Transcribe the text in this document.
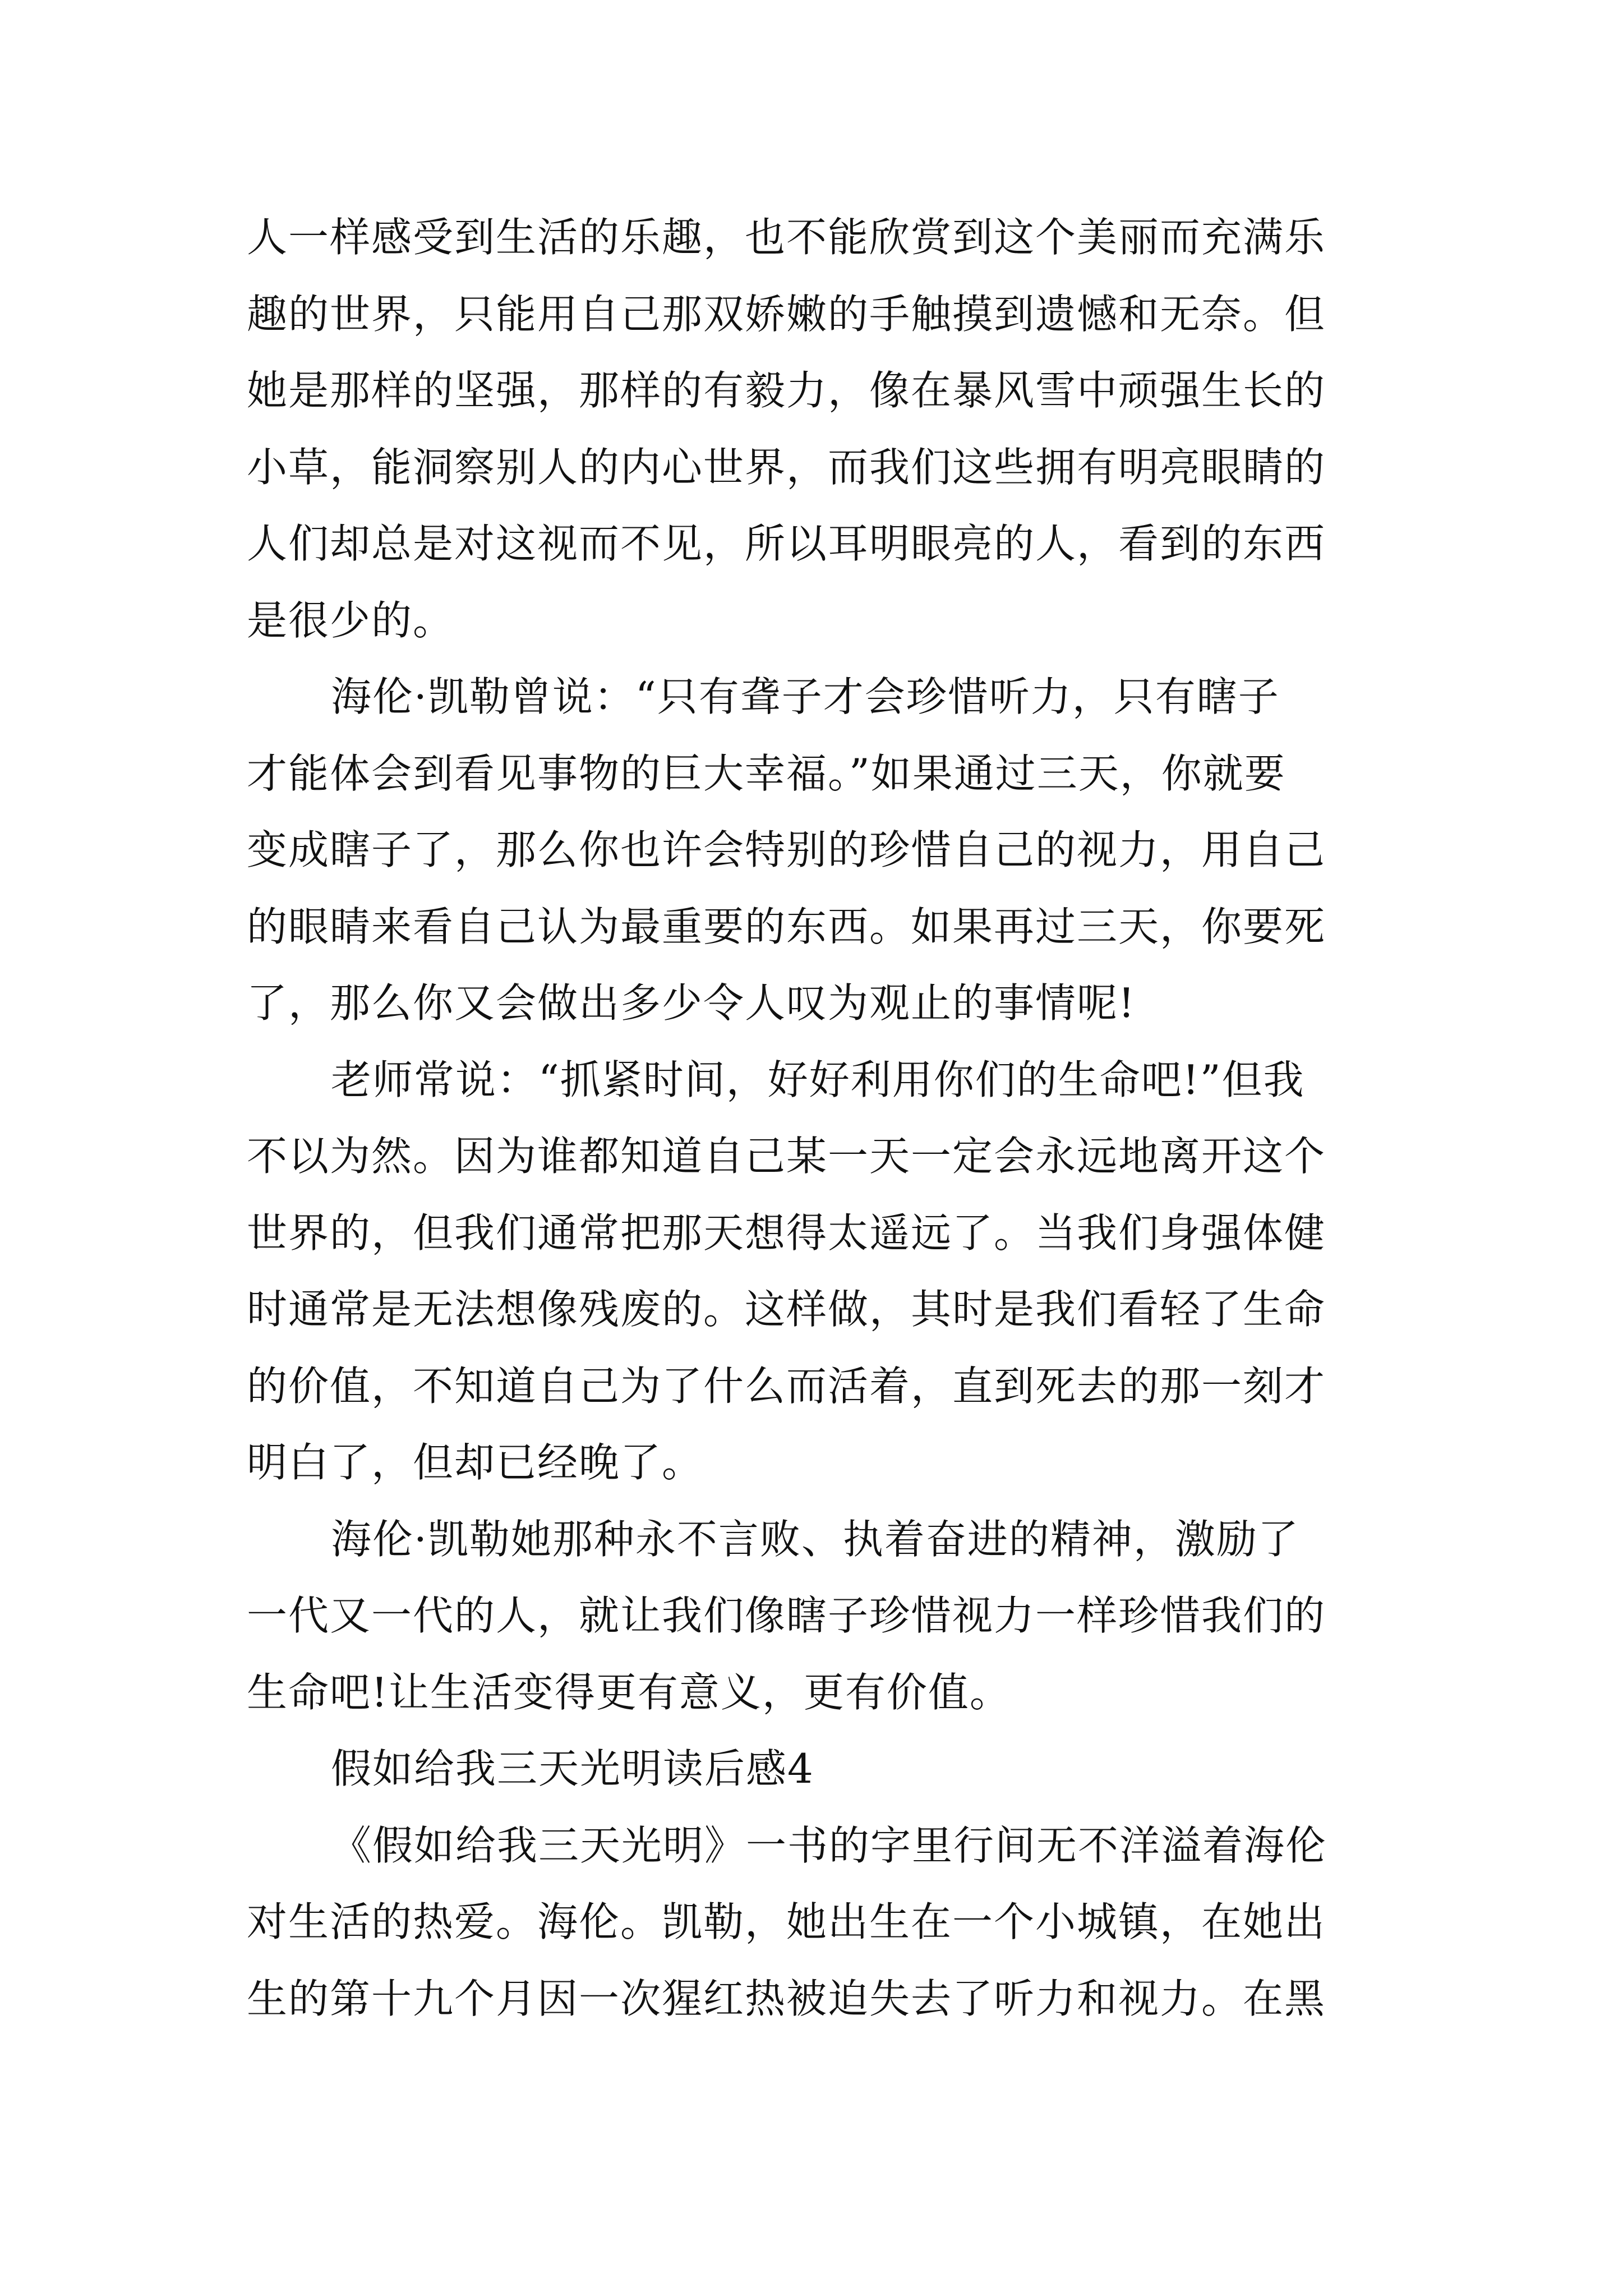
人一样感受到生活的乐趣，也不能欣赏到这个美丽而充满乐
趣的世界，只能用自己那双娇嫩的手触摸到遗憾和无奈。但
她是那样的坚强，那样的有毅力，像在暴风雪中顽强生长的
小草，能洞察别人的内心世界，而我们这些拥有明亮眼睛的
人们却总是对这视而不见，所以耳明眼亮的人，看到的东西
是很少的。
海伦·凯勒曾说：“只有聋子才会珍惜听力，只有瞎子
才能体会到看见事物的巨大幸福。”如果通过三天，你就要
变成瞎子了，那么你也许会特别的珍惜自己的视力，用自己
的眼睛来看自己认为最重要的东西。如果再过三天，你要死
了，那么你又会做出多少令人叹为观止的事情呢!
老师常说：“抓紧时间，好好利用你们的生命吧!”但我
不以为然。因为谁都知道自己某一天一定会永远地离开这个
世界的，但我们通常把那天想得太遥远了。当我们身强体健
时通常是无法想像残废的。这样做，其时是我们看轻了生命
的价值，不知道自己为了什么而活着，直到死去的那一刻才
明白了，但却已经晚了。
海伦·凯勒她那种永不言败、执着奋进的精神，激励了
一代又一代的人，就让我们像瞎子珍惜视力一样珍惜我们的
生命吧!让生活变得更有意义，更有价值。
假如给我三天光明读后感4
《假如给我三天光明》一书的字里行间无不洋溢着海伦
对生活的热爱。海伦。凯勒，她出生在一个小城镇，在她出
生的第十九个月因一次猩红热被迫失去了听力和视力。在黑
